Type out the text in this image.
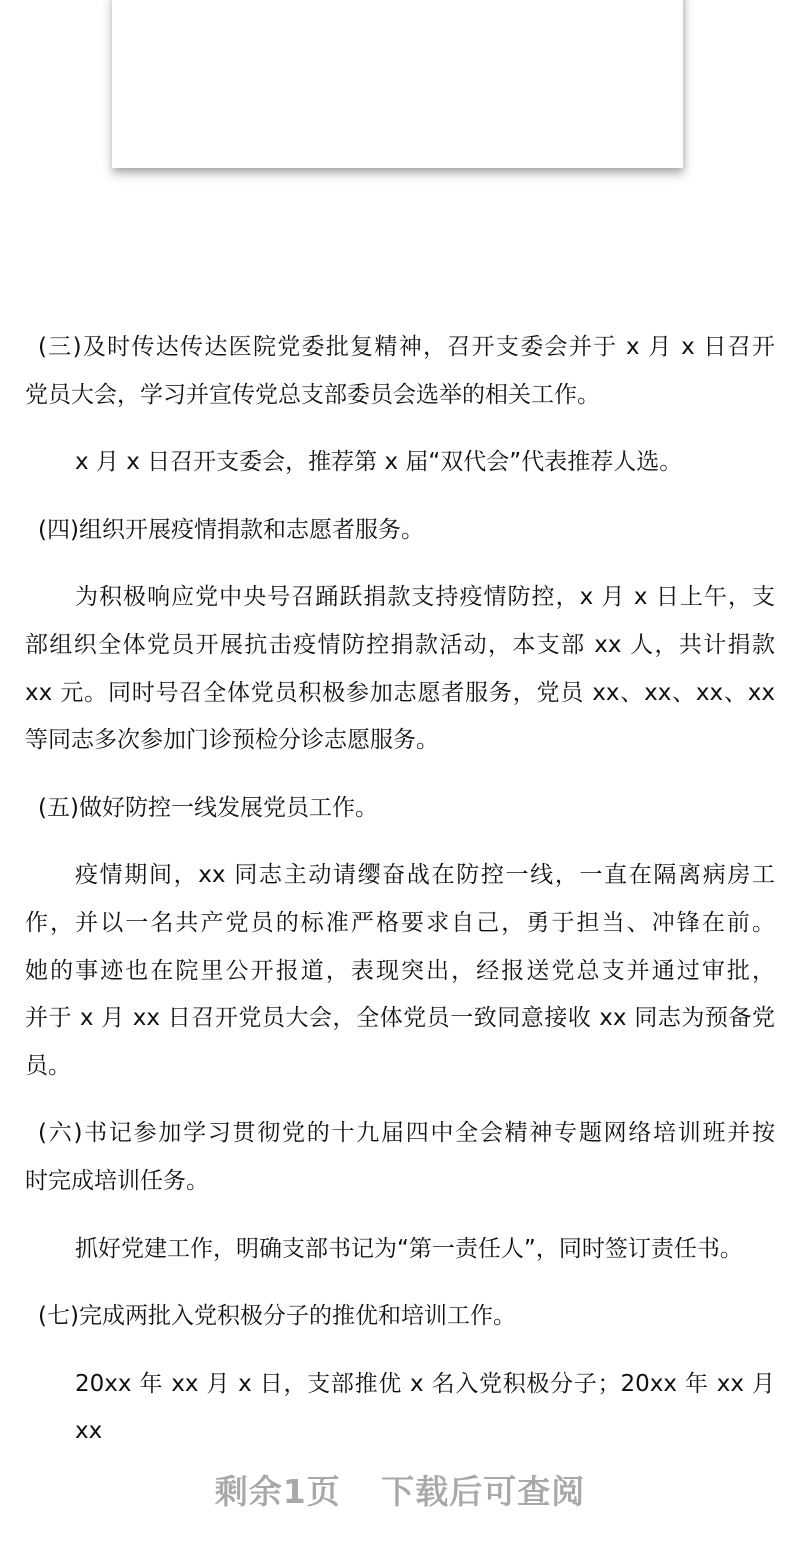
(三)及时传达传达医院党委批复精神，召开支委会并于 x 月 x 日召开
党员大会，学习并宣传党总支部委员会选举的相关工作。
x 月 x 日召开支委会，推荐第 x 届“双代会”代表推荐人选。
(四)组织开展疫情捐款和志愿者服务。
为积极响应党中央号召踊跃捐款支持疫情防控，x 月 x 日上午，支
部组织全体党员开展抗击疫情防控捐款活动，本支部 xx 人，共计捐款
xx 元。同时号召全体党员积极参加志愿者服务，党员 xx、xx、xx、xx
等同志多次参加门诊预检分诊志愿服务。
(五)做好防控一线发展党员工作。
疫情期间，xx 同志主动请缨奋战在防控一线，一直在隔离病房工
作，并以一名共产党员的标准严格要求自己，勇于担当、冲锋在前。
她的事迹也在院里公开报道，表现突出，经报送党总支并通过审批，
并于 x 月 xx 日召开党员大会，全体党员一致同意接收 xx 同志为预备党
员。
(六)书记参加学习贯彻党的十九届四中全会精神专题网络培训班并按
时完成培训任务。
抓好党建工作，明确支部书记为“第一责任人”，同时签订责任书。
(七)完成两批入党积极分子的推优和培训工作。
20xx 年 xx 月 x 日，支部推优 x 名入党积极分子；20xx 年 xx 月 xx
剩余1页 下载后可查阅
